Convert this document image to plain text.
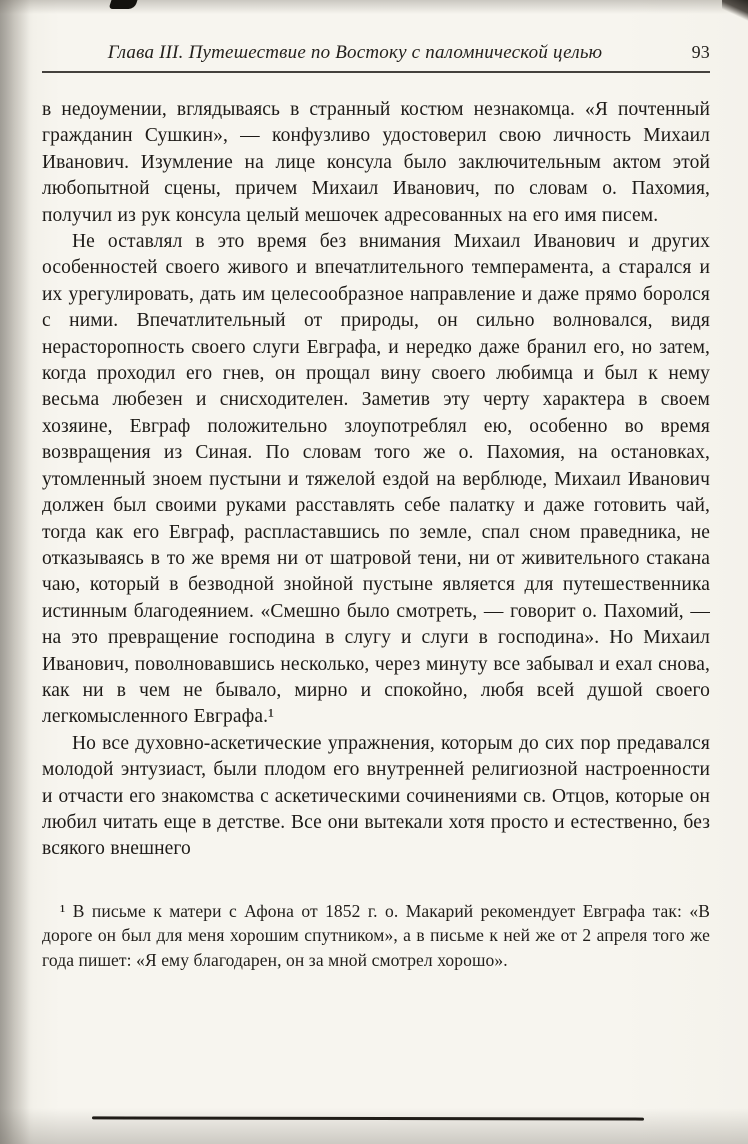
Глава III. Путешествие по Востоку с паломнической целью	93

в недоумении, вглядываясь в странный костюм незнакомца. «Я почтенный гражданин Сушкин», — конфузливо удостоверил свою личность Михаил Иванович. Изумление на лице консула было заключительным актом этой любопытной сцены, причем Михаил Иванович, по словам о. Пахомия, получил из рук консула целый мешочек адресованных на его имя писем.

Не оставлял в это время без внимания Михаил Иванович и других особенностей своего живого и впечатлительного темперамента, а старался и их урегулировать, дать им целесообразное направление и даже прямо боролся с ними. Впечатлительный от природы, он сильно волновался, видя нерасторопность своего слуги Евграфа, и нередко даже бранил его, но затем, когда проходил его гнев, он прощал вину своего любимца и был к нему весьма любезен и снисходителен. Заметив эту черту характера в своем хозяине, Евграф положительно злоупотреблял ею, особенно во время возвращения из Синая. По словам того же о. Пахомия, на остановках, утомленный зноем пустыни и тяжелой ездой на верблюде, Михаил Иванович должен был своими руками расставлять себе палатку и даже готовить чай, тогда как его Евграф, распластавшись по земле, спал сном праведника, не отказываясь в то же время ни от шатровой тени, ни от живительного стакана чаю, который в безводной знойной пустыне является для путешественника истинным благодеянием. «Смешно было смотреть, — говорит о. Пахомий, — на это превращение господина в слугу и слуги в господина». Но Михаил Иванович, поволновавшись несколько, через минуту все забывал и ехал снова, как ни в чем не бывало, мирно и спокойно, любя всей душой своего легкомысленного Евграфа.¹

Но все духовно-аскетические упражнения, которым до сих пор предавался молодой энтузиаст, были плодом его внутренней религиозной настроенности и отчасти его знакомства с аскетическими сочинениями св. Отцов, которые он любил читать еще в детстве. Все они вытекали хотя просто и естественно, без всякого внешнего

¹ В письме к матери с Афона от 1852 г. о. Макарий рекомендует Евграфа так: «В дороге он был для меня хорошим спутником», а в письме к ней же от 2 апреля того же года пишет: «Я ему благодарен, он за мной смотрел хорошо».
